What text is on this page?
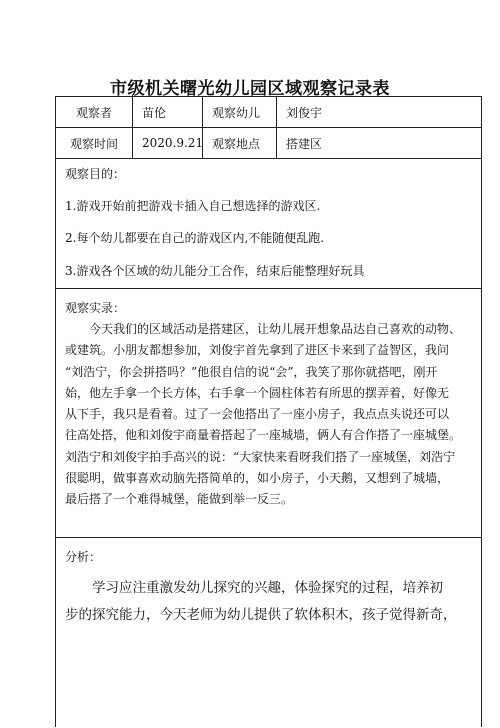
市级机关曙光幼儿园区域观察记录表
观察者	苗伦	观察幼儿	刘俊宇
观察时间	2020.9.21 观察地点	搭建区
观察目的：
1.游戏开始前把游戏卡插入自己想选择的游戏区.
2.每个幼儿都要在自己的游戏区内,不能随便乱跑.
3.游戏各个区域的幼儿能分工合作，结束后能整理好玩具
观察实录：
　　今天我们的区域活动是搭建区，让幼儿展开想象品达自己喜欢的动物、
或建筑。小朋友都想参加，刘俊宇首先拿到了进区卡来到了益智区，我问
“刘浩宁，你会拼搭吗？”他很自信的说“会”，我笑了那你就搭吧，刚开
始，他左手拿一个长方体，右手拿一个圆柱体若有所思的摆弄着，好像无
从下手，我只是看着。过了一会他搭出了一座小房子，我点点头说还可以
往高处搭，他和刘俊宇商量着搭起了一座城墙，俩人有合作搭了一座城堡。
刘浩宁和刘俊宇拍手高兴的说：“大家快来看呀我们搭了一座城堡，刘浩宁
很聪明，做事喜欢动脑先搭简单的，如小房子，小天鹅，又想到了城墙，
最后搭了一个难得城堡，能做到举一反三。
分析：
　　学习应注重激发幼儿探究的兴趣，体验探究的过程，培养初
步的探究能力，今天老师为幼儿提供了软体积木，孩子觉得新奇，
